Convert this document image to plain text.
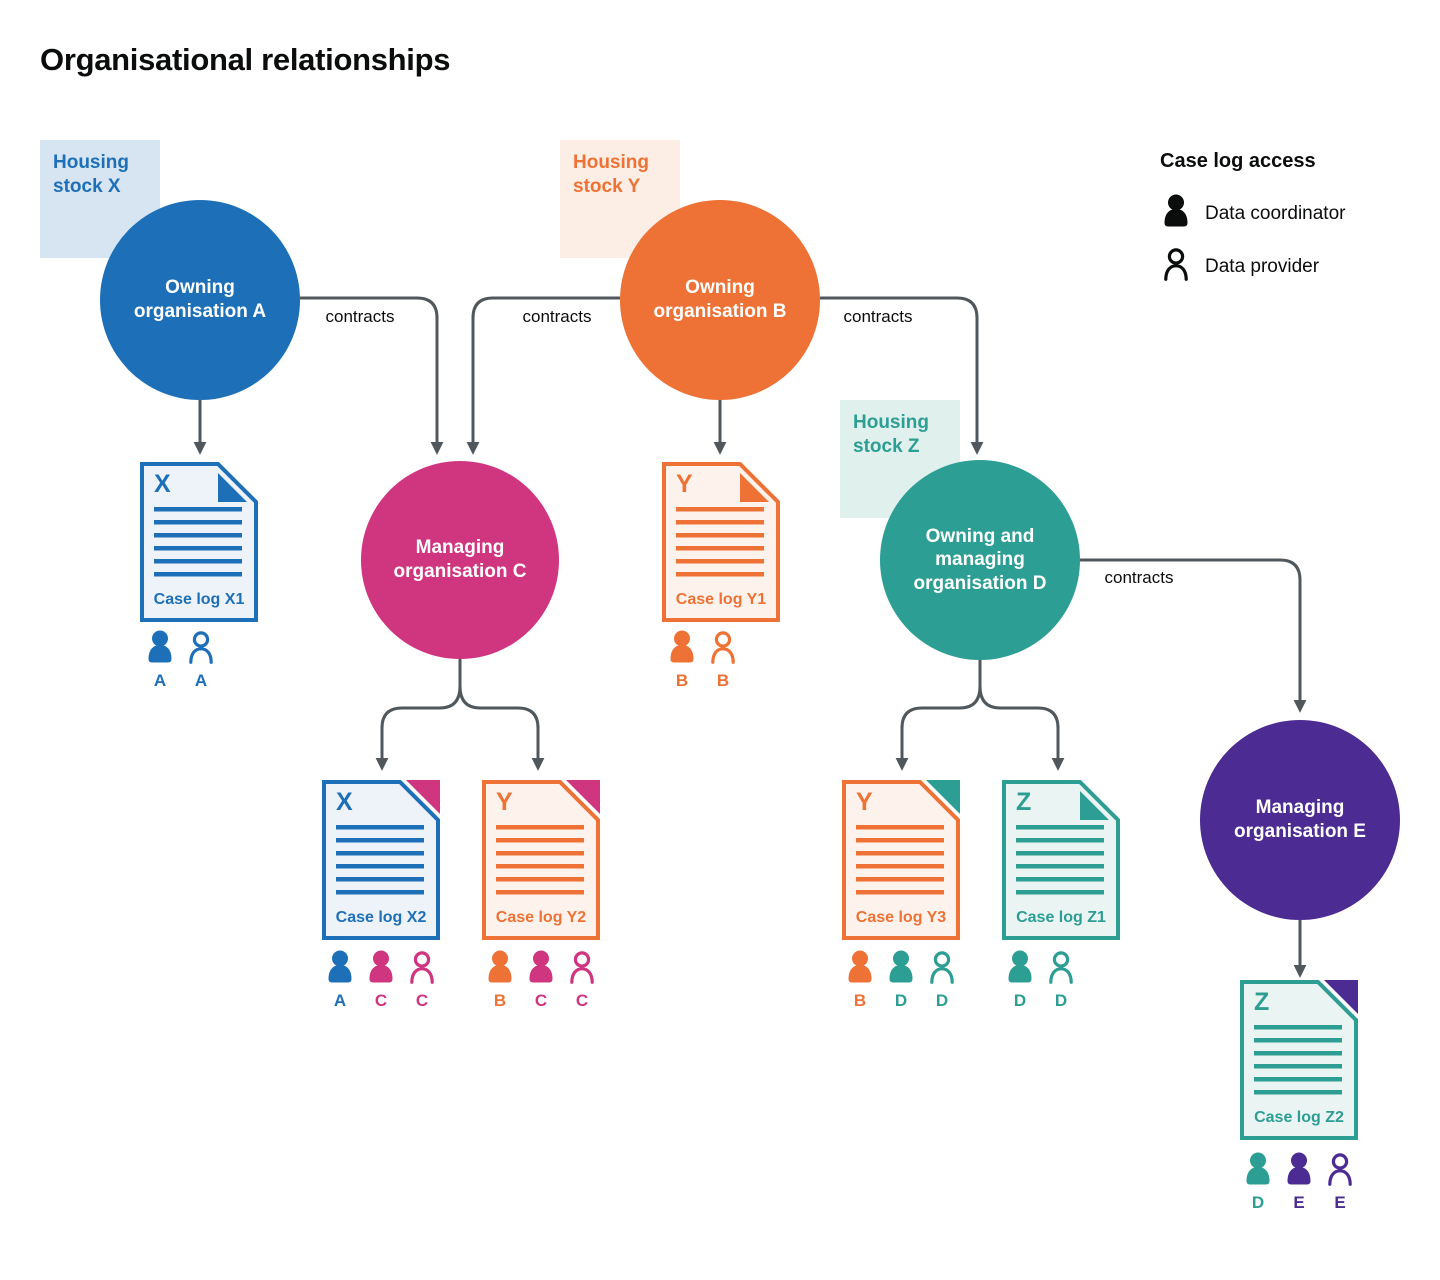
Organisational relationships
Housing stock X
Housing stock Y
Housing stock Z
contracts	contracts	contracts
contracts
Owning organisation A
Owning organisation B
Managing organisation C
Owning and managing organisation D
Managing organisation E
X
Case log X1
A	A
Y
Case log Y1
B	B
X
Case log X2
A	C	C
Y
Case log Y2
B	C	C
Y
Case log Y3
B	D	D
Z
Case log Z1
D	D	Z
Case log Z2
D	E	E
Case log access
Data coordinator
Data provider
